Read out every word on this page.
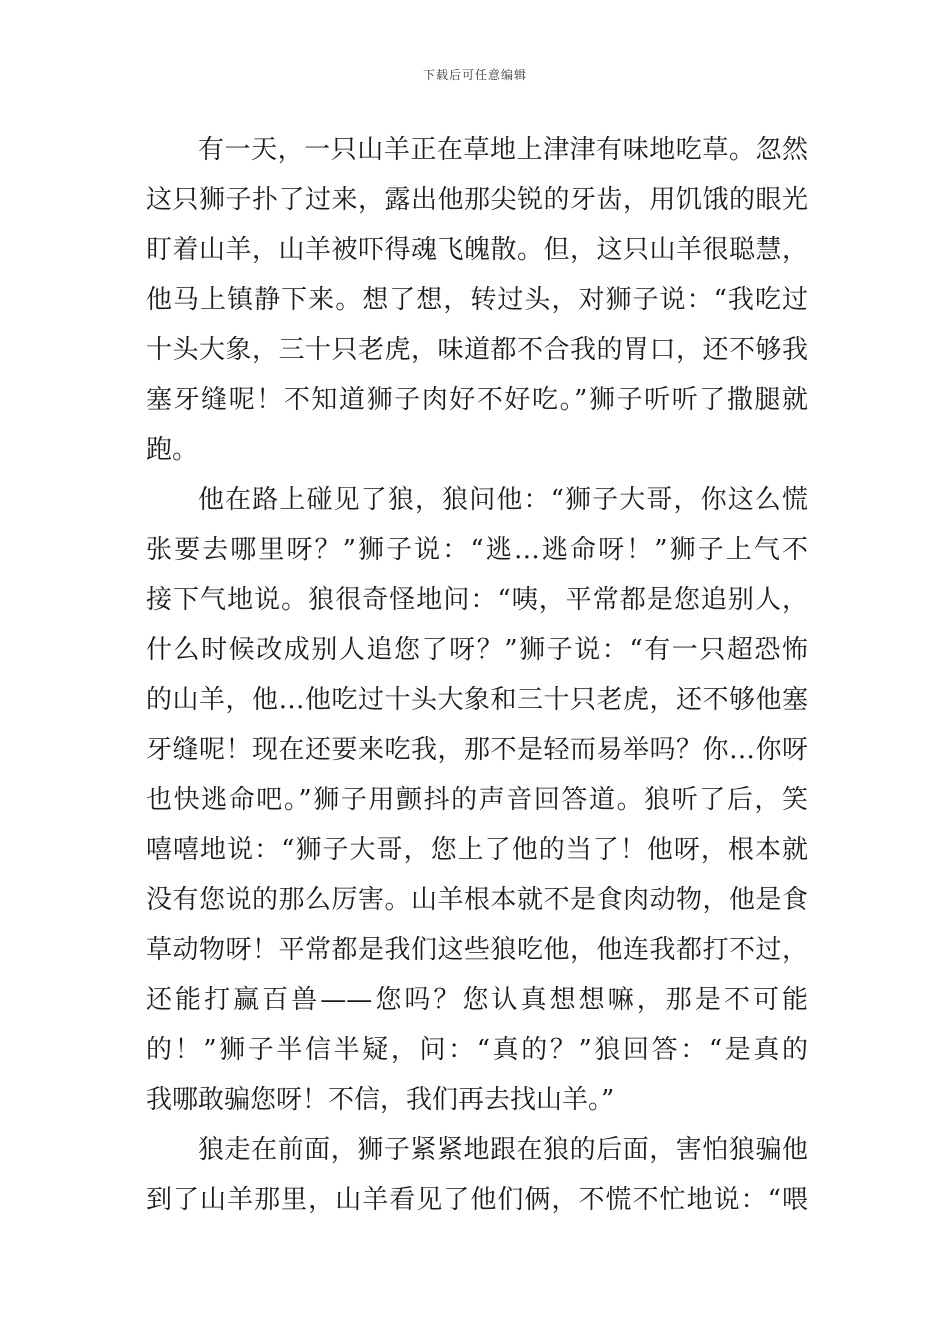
下载后可任意编辑
有一天，一只山羊正在草地上津津有味地吃草。忽然
这只狮子扑了过来，露出他那尖锐的牙齿，用饥饿的眼光
盯着山羊，山羊被吓得魂飞魄散。但，这只山羊很聪慧，
他马上镇静下来。想了想，转过头，对狮子说：“我吃过
十头大象，三十只老虎，味道都不合我的胃口，还不够我
塞牙缝呢！不知道狮子肉好不好吃。”狮子听听了撒腿就
跑。
他在路上碰见了狼，狼问他：“狮子大哥，你这么慌
张要去哪里呀？”狮子说：“逃…逃命呀！”狮子上气不
接下气地说。狼很奇怪地问：“咦，平常都是您追别人，
什么时候改成别人追您了呀？”狮子说：“有一只超恐怖
的山羊，他…他吃过十头大象和三十只老虎，还不够他塞
牙缝呢！现在还要来吃我，那不是轻而易举吗？你…你呀
也快逃命吧。”狮子用颤抖的声音回答道。狼听了后，笑
嘻嘻地说：“狮子大哥，您上了他的当了！他呀，根本就
没有您说的那么厉害。山羊根本就不是食肉动物，他是食
草动物呀！平常都是我们这些狼吃他，他连我都打不过，
还能打赢百兽——您吗？您认真想想嘛，那是不可能
的！”狮子半信半疑，问：“真的？”狼回答：“是真的
我哪敢骗您呀！不信，我们再去找山羊。”
狼走在前面，狮子紧紧地跟在狼的后面，害怕狼骗他
到了山羊那里，山羊看见了他们俩，不慌不忙地说：“喂
